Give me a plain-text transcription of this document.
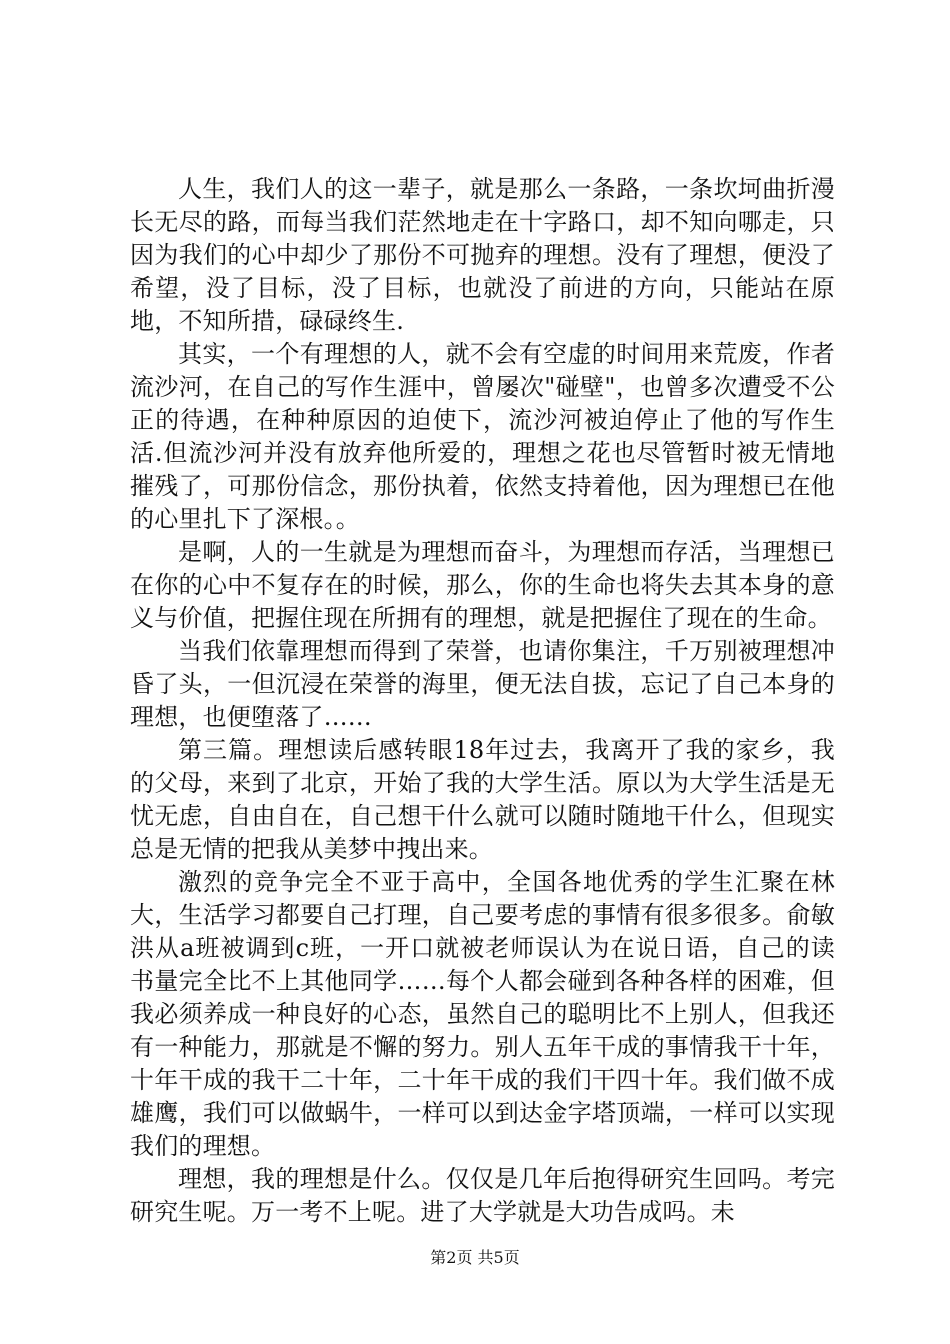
人生，我们人的这一辈子，就是那么一条路，一条坎坷曲折漫长无尽的路，而每当我们茫然地走在十字路口，却不知向哪走，只因为我们的心中却少了那份不可抛弃的理想。没有了理想，便没了希望，没了目标，没了目标，也就没了前进的方向，只能站在原地，不知所措，碌碌终生.

其实，一个有理想的人，就不会有空虚的时间用来荒废，作者流沙河，在自己的写作生涯中，曾屡次"碰壁"，也曾多次遭受不公正的待遇，在种种原因的迫使下，流沙河被迫停止了他的写作生活.但流沙河并没有放弃他所爱的，理想之花也尽管暂时被无情地摧残了，可那份信念，那份执着，依然支持着他，因为理想已在他的心里扎下了深根。。

是啊，人的一生就是为理想而奋斗，为理想而存活，当理想已在你的心中不复存在的时候，那么，你的生命也将失去其本身的意义与价值，把握住现在所拥有的理想，就是把握住了现在的生命。

当我们依靠理想而得到了荣誉，也请你集注，千万别被理想冲昏了头，一但沉浸在荣誉的海里，便无法自拔，忘记了自己本身的理想，也便堕落了……

第三篇。理想读后感转眼18年过去，我离开了我的家乡，我的父母，来到了北京，开始了我的大学生活。原以为大学生活是无忧无虑，自由自在，自己想干什么就可以随时随地干什么，但现实总是无情的把我从美梦中拽出来。

激烈的竞争完全不亚于高中，全国各地优秀的学生汇聚在林大，生活学习都要自己打理，自己要考虑的事情有很多很多。俞敏洪从a班被调到c班，一开口就被老师误认为在说日语，自己的读书量完全比不上其他同学……每个人都会碰到各种各样的困难，但我必须养成一种良好的心态，虽然自己的聪明比不上别人，但我还有一种能力，那就是不懈的努力。别人五年干成的事情我干十年，十年干成的我干二十年，二十年干成的我们干四十年。我们做不成雄鹰，我们可以做蜗牛，一样可以到达金字塔顶端，一样可以实现我们的理想。

理想，我的理想是什么。仅仅是几年后抱得研究生回吗。考完研究生呢。万一考不上呢。进了大学就是大功告成吗。未

第2页 共5页
